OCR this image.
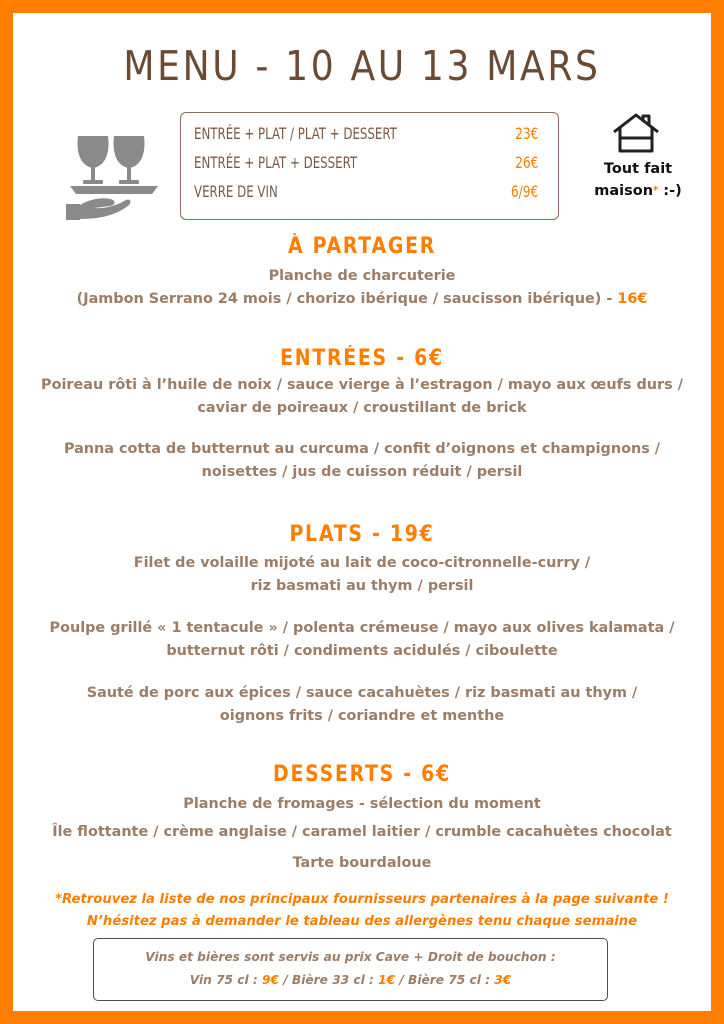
MENU - 10 AU 13 MARS
ENTRÉE + PLAT / PLAT + DESSERT	23€
ENTRÉE + PLAT + DESSERT	26€
VERRE DE VIN	6/9€
Tout fait
maison* :-)
À PARTAGER
Planche de charcuterie
(Jambon Serrano 24 mois / chorizo ibérique / saucisson ibérique) - 16€
ENTRÉES - 6€
Poireau rôti à l’huile de noix / sauce vierge à l’estragon / mayo aux œufs durs /
caviar de poireaux / croustillant de brick
Panna cotta de butternut au curcuma / confit d’oignons et champignons /
noisettes / jus de cuisson réduit / persil
PLATS - 19€
Filet de volaille mijoté au lait de coco-citronnelle-curry /
riz basmati au thym / persil
Poulpe grillé « 1 tentacule » / polenta crémeuse / mayo aux olives kalamata /
butternut rôti / condiments acidulés / ciboulette
Sauté de porc aux épices / sauce cacahuètes / riz basmati au thym /
oignons frits / coriandre et menthe
DESSERTS - 6€
Planche de fromages - sélection du moment
Île flottante / crème anglaise / caramel laitier / crumble cacahuètes chocolat
Tarte bourdaloue
*Retrouvez la liste de nos principaux fournisseurs partenaires à la page suivante !
N’hésitez pas à demander le tableau des allergènes tenu chaque semaine
Vins et bières sont servis au prix Cave + Droit de bouchon :
Vin 75 cl : 9€ / Bière 33 cl : 1€ / Bière 75 cl : 3€
